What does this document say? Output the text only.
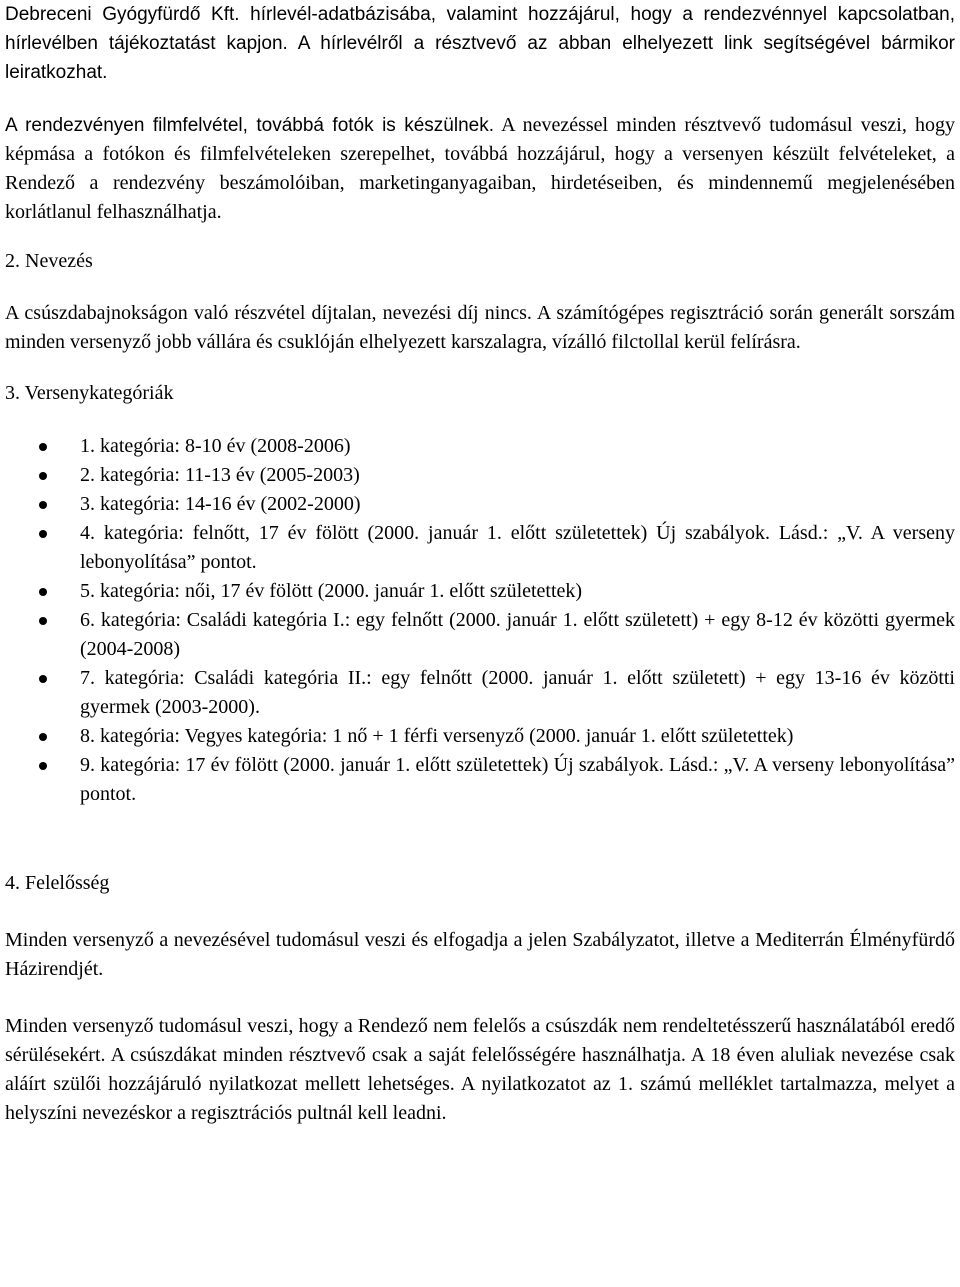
Debreceni Gyógyfürdő Kft. hírlevél-adatbázisába, valamint hozzájárul, hogy a rendezvénnyel kapcsolatban, hírlevélben tájékoztatást kapjon. A hírlevélről a résztvevő az abban elhelyezett link segítségével bármikor leiratkozhat.

A rendezvényen filmfelvétel, továbbá fotók is készülnek. A nevezéssel minden résztvevő tudomásul veszi, hogy képmása a fotókon és filmfelvételeken szerepelhet, továbbá hozzájárul, hogy a versenyen készült felvételeket, a Rendező a rendezvény beszámolóiban, marketinganyagaiban, hirdetéseiben, és mindennemű megjelenésében korlátlanul felhasználhatja.

2. Nevezés

A csúszdabajnokságon való részvétel díjtalan, nevezési díj nincs. A számítógépes regisztráció során generált sorszám minden versenyző jobb vállára és csuklóján elhelyezett karszalagra, vízálló filctollal kerül felírásra.

3. Versenykategóriák

1. kategória: 8-10 év (2008-2006)
2. kategória: 11-13 év (2005-2003)
3. kategória: 14-16 év (2002-2000)
4. kategória: felnőtt, 17 év fölött (2000. január 1. előtt születettek) Új szabályok. Lásd.: „V. A verseny lebonyolítása” pontot.
5. kategória: női, 17 év fölött (2000. január 1. előtt születettek)
6. kategória: Családi kategória I.: egy felnőtt (2000. január 1. előtt született) + egy 8-12 év közötti gyermek (2004-2008)
7. kategória: Családi kategória II.: egy felnőtt (2000. január 1. előtt született) + egy 13-16 év közötti gyermek (2003-2000).
8. kategória: Vegyes kategória: 1 nő + 1 férfi versenyző (2000. január 1. előtt születettek)
9. kategória: 17 év fölött (2000. január 1. előtt születettek) Új szabályok. Lásd.: „V. A verseny lebonyolítása” pontot.

4. Felelősség

Minden versenyző a nevezésével tudomásul veszi és elfogadja a jelen Szabályzatot, illetve a Mediterrán Élményfürdő Házirendjét.

Minden versenyző tudomásul veszi, hogy a Rendező nem felelős a csúszdák nem rendeltetésszerű használatából eredő sérülésekért. A csúszdákat minden résztvevő csak a saját felelősségére használhatja. A 18 éven aluliak nevezése csak aláírt szülői hozzájáruló nyilatkozat mellett lehetséges. A nyilatkozatot az 1. számú melléklet tartalmazza, melyet a helyszíni nevezéskor a regisztrációs pultnál kell leadni.
